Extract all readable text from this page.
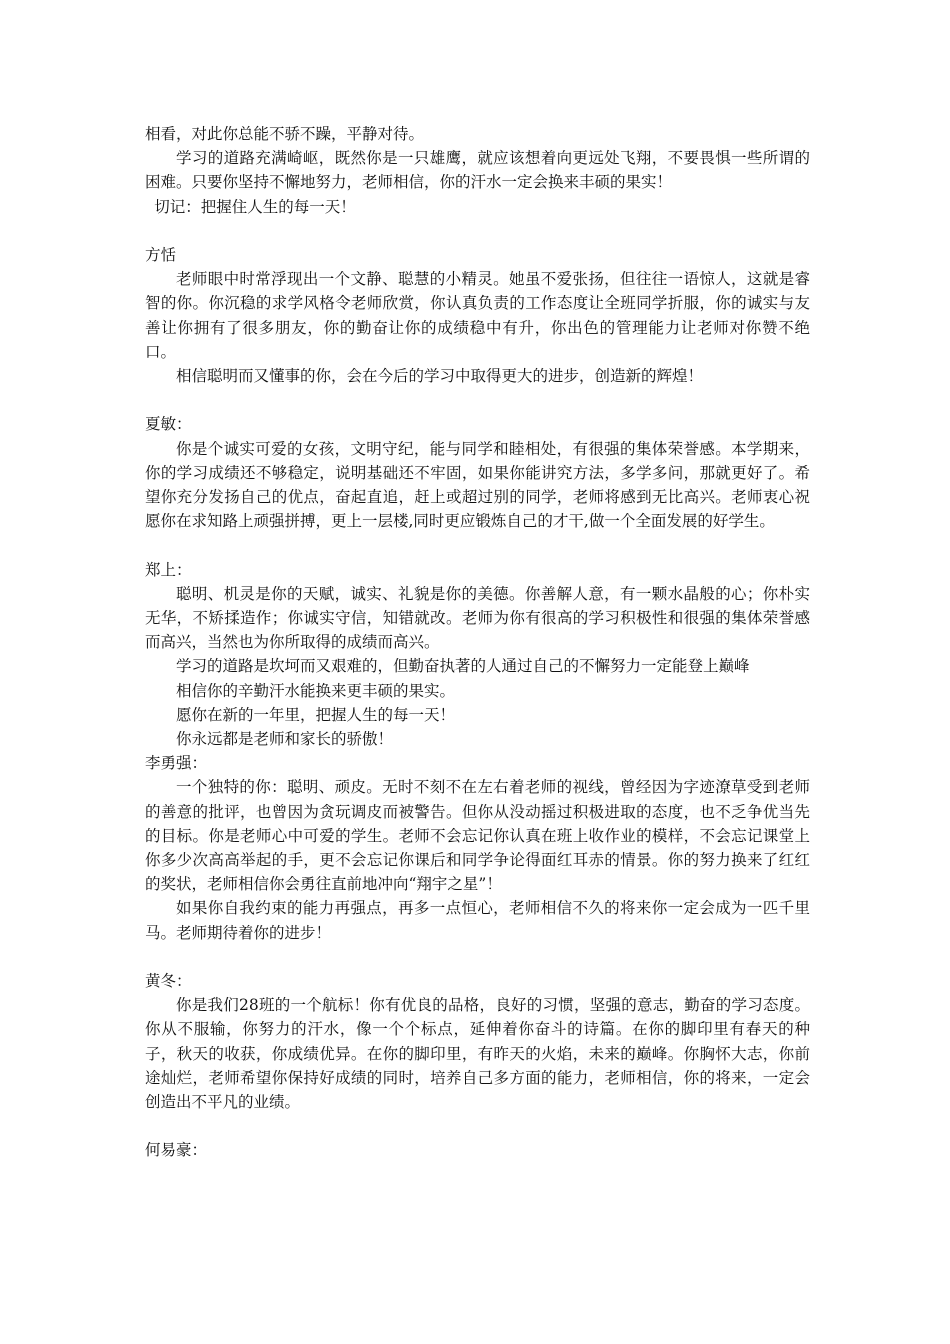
相看，对此你总能不骄不躁，平静对待。

学习的道路充满崎岖，既然你是一只雄鹰，就应该想着向更远处飞翔，不要畏惧一些所谓的困难。只要你坚持不懈地努力，老师相信，你的汗水一定会换来丰硕的果实！

切记：把握住人生的每一天！

方恬

老师眼中时常浮现出一个文静、聪慧的小精灵。她虽不爱张扬，但往往一语惊人，这就是睿智的你。你沉稳的求学风格令老师欣赏，你认真负责的工作态度让全班同学折服，你的诚实与友善让你拥有了很多朋友，你的勤奋让你的成绩稳中有升，你出色的管理能力让老师对你赞不绝口。

相信聪明而又懂事的你，会在今后的学习中取得更大的进步，创造新的辉煌！

夏敏：

你是个诚实可爱的女孩，文明守纪，能与同学和睦相处，有很强的集体荣誉感。本学期来，你的学习成绩还不够稳定，说明基础还不牢固，如果你能讲究方法，多学多问，那就更好了。希望你充分发扬自己的优点，奋起直追，赶上或超过别的同学，老师将感到无比高兴。老师衷心祝愿你在求知路上顽强拼搏，更上一层楼,同时更应锻炼自己的才干,做一个全面发展的好学生。

郑上：

聪明、机灵是你的天赋，诚实、礼貌是你的美德。你善解人意，有一颗水晶般的心；你朴实无华，不矫揉造作；你诚实守信，知错就改。老师为你有很高的学习积极性和很强的集体荣誉感而高兴，当然也为你所取得的成绩而高兴。

学习的道路是坎坷而又艰难的，但勤奋执著的人通过自己的不懈努力一定能登上巅峰

相信你的辛勤汗水能换来更丰硕的果实。

愿你在新的一年里，把握人生的每一天！

你永远都是老师和家长的骄傲！

李勇强：

一个独特的你：聪明、顽皮。无时不刻不在左右着老师的视线，曾经因为字迹潦草受到老师的善意的批评，也曾因为贪玩调皮而被警告。但你从没动摇过积极进取的态度，也不乏争优当先的目标。你是老师心中可爱的学生。老师不会忘记你认真在班上收作业的模样，不会忘记课堂上你多少次高高举起的手，更不会忘记你课后和同学争论得面红耳赤的情景。你的努力换来了红红的奖状，老师相信你会勇往直前地冲向“翔宇之星”！

如果你自我约束的能力再强点，再多一点恒心，老师相信不久的将来你一定会成为一匹千里马。老师期待着你的进步！

黄冬：

你是我们28班的一个航标！你有优良的品格，良好的习惯，坚强的意志，勤奋的学习态度。你从不服输，你努力的汗水，像一个个标点，延伸着你奋斗的诗篇。在你的脚印里有春天的种子，秋天的收获，你成绩优异。在你的脚印里，有昨天的火焰，未来的巅峰。你胸怀大志，你前途灿烂，老师希望你保持好成绩的同时，培养自己多方面的能力，老师相信，你的将来，一定会创造出不平凡的业绩。

何易豪：
